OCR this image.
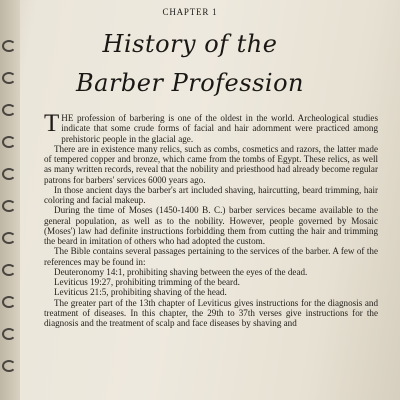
CHAPTER 1
History of the
Barber Profession

THE profession of barbering is one of the oldest in the world. Archeological studies indicate that some crude forms of facial and hair adornment were practiced among prehistoric people in the glacial age.

There are in existence many relics, such as combs, cosmetics and razors, the latter made of tempered copper and bronze, which came from the tombs of Egypt. These relics, as well as many written records, reveal that the nobility and priesthood had already become regular patrons for barbers' services 6000 years ago.

In those ancient days the barber's art included shaving, haircutting, beard trimming, hair coloring and facial makeup.

During the time of Moses (1450-1400 B. C.) barber services became available to the general population, as well as to the nobility. However, people governed by Mosaic (Moses') law had definite instructions forbidding them from cutting the hair and trimming the beard in imitation of others who had adopted the custom.

The Bible contains several passages pertaining to the services of the barber. A few of the references may be found in:

Deuteronomy 14:1, prohibiting shaving between the eyes of the dead.

Leviticus 19:27, prohibiting trimming of the beard.

Leviticus 21:5, prohibiting shaving of the head.

The greater part of the 13th chapter of Leviticus gives instructions for the diagnosis and treatment of diseases. In this chapter, the 29th to 37th verses give instructions for the diagnosis and the treatment of scalp and face diseases by shaving and
